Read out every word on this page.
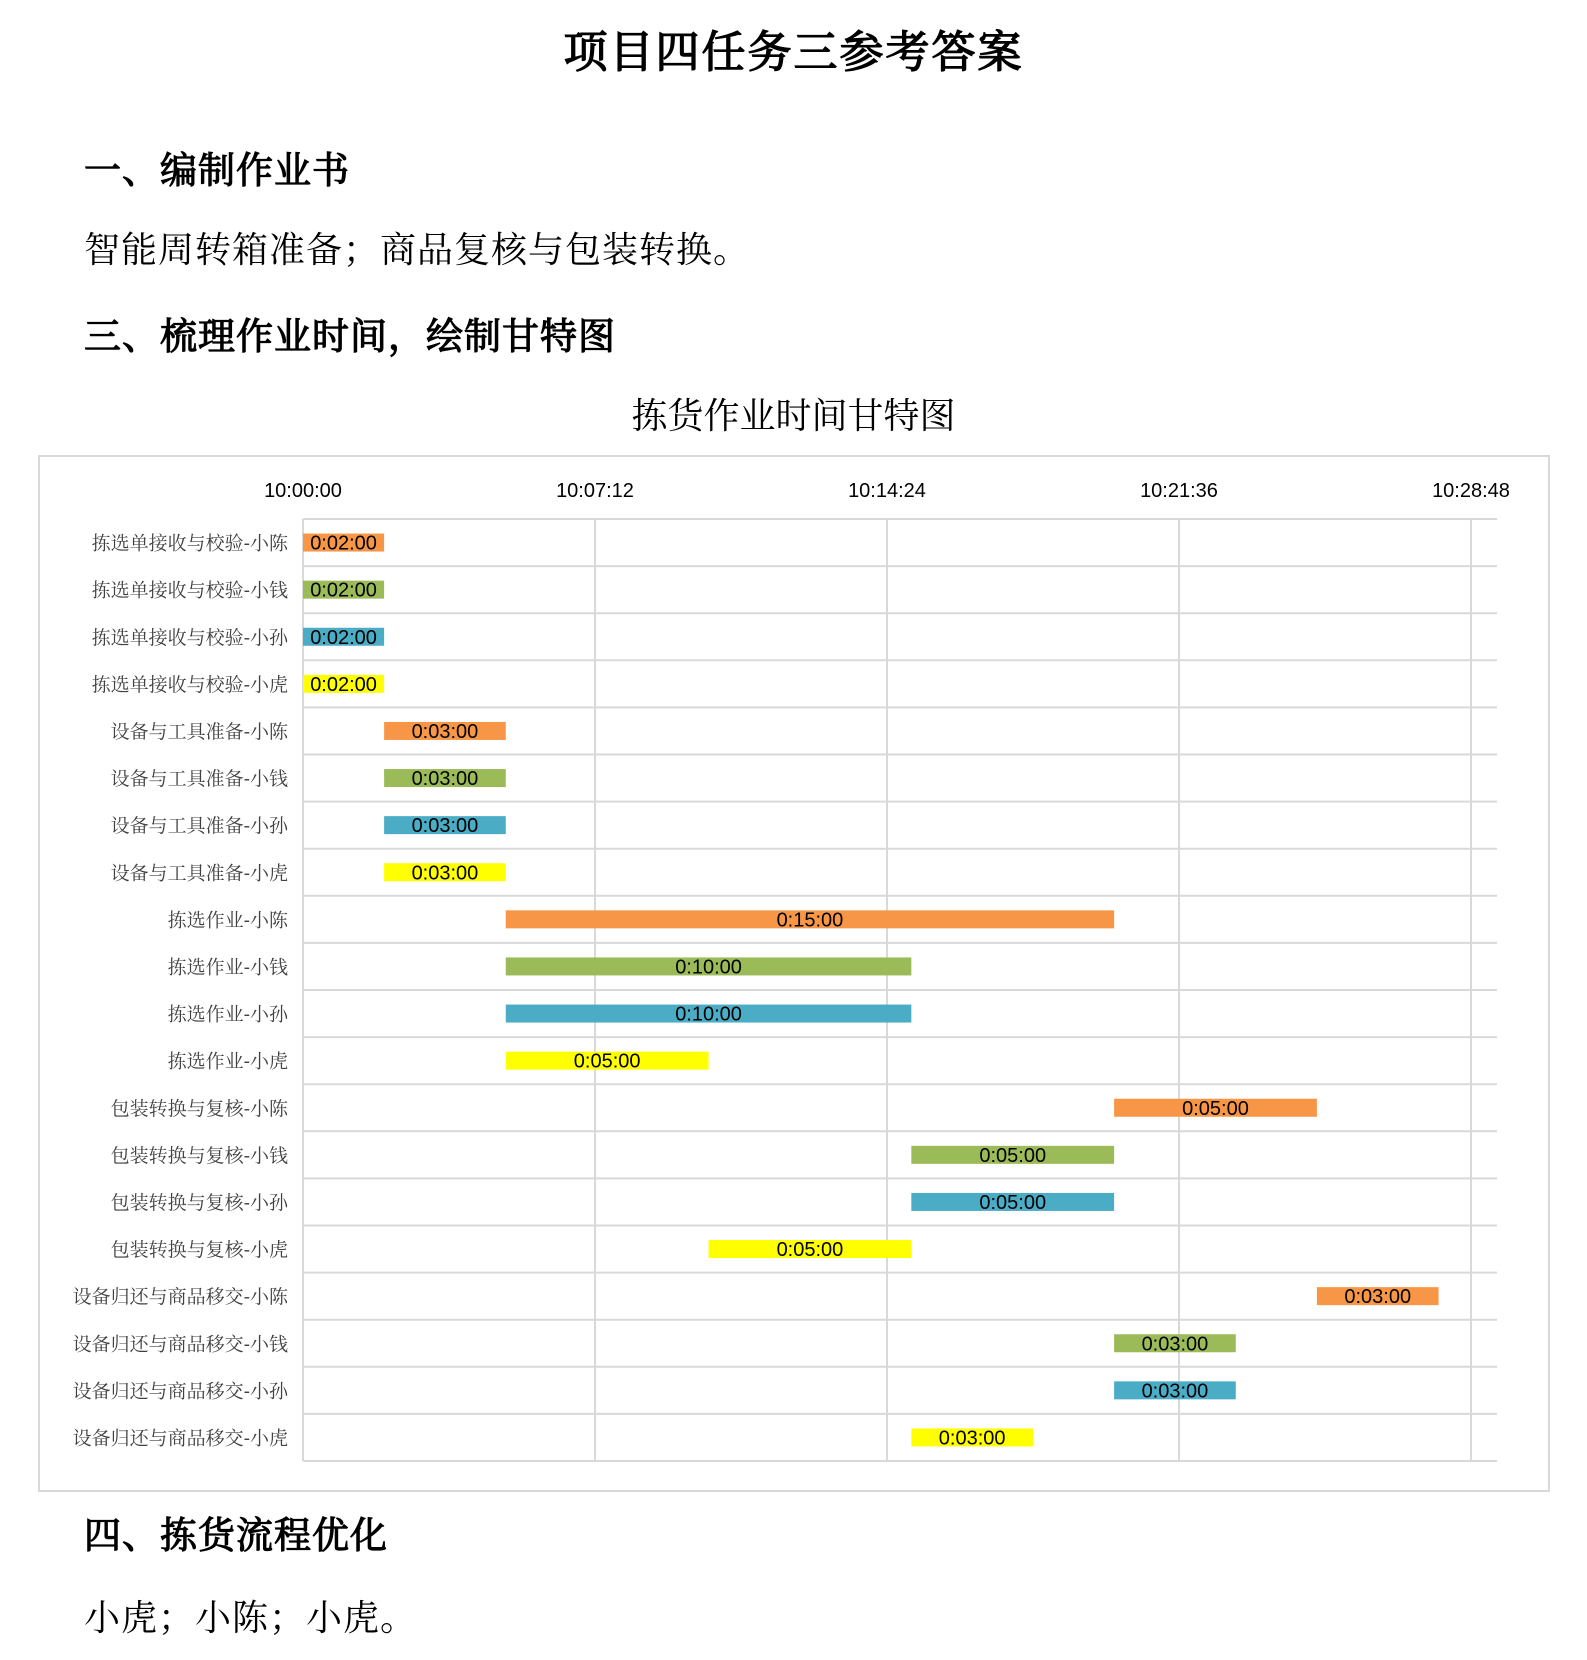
项目四任务三参考答案
一、编制作业书
智能周转箱准备；商品复核与包装转换。
三、梳理作业时间，绘制甘特图
拣货作业时间甘特图
10:00:00	10:07:12	10:14:24	10:21:36	10:28:48
拣选单接收与校验-小陈 0:02:00
拣选单接收与校验-小钱 0:02:00
拣选单接收与校验-小孙 0:02:00
拣选单接收与校验-小虎 0:02:00
设备与工具准备-小陈	0:03:00
设备与工具准备-小钱	0:03:00
设备与工具准备-小孙	0:03:00
设备与工具准备-小虎	0:03:00
拣选作业-小陈	0:15:00
拣选作业-小钱	0:10:00
拣选作业-小孙	0:10:00
拣选作业-小虎	0:05:00
包装转换与复核-小陈	0:05:00
包装转换与复核-小钱	0:05:00
包装转换与复核-小孙	0:05:00
包装转换与复核-小虎	0:05:00
设备归还与商品移交-小陈	0:03:00
设备归还与商品移交-小钱	0:03:00
设备归还与商品移交-小孙	0:03:00
设备归还与商品移交-小虎	0:03:00
四、拣货流程优化
小虎；小陈；小虎。
